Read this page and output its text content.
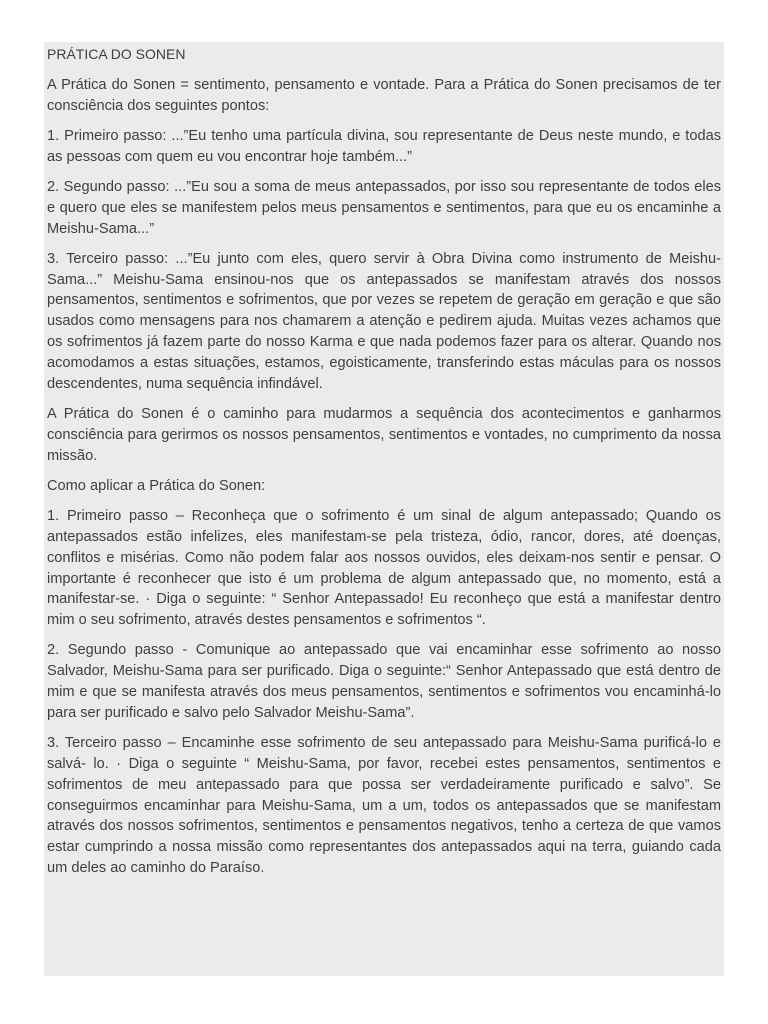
PRÁTICA DO SONEN

A Prática do Sonen = sentimento, pensamento e vontade. Para a Prática do Sonen precisamos de ter consciência dos seguintes pontos:

1. Primeiro passo: ...”Eu tenho uma partícula divina, sou representante de Deus neste mundo, e todas as pessoas com quem eu vou encontrar hoje também...”

2. Segundo passo: ...”Eu sou a soma de meus antepassados, por isso sou representante de todos eles e quero que eles se manifestem pelos meus pensamentos e sentimentos, para que eu os encaminhe a Meishu-Sama...”

3. Terceiro passo: ...”Eu junto com eles, quero servir à Obra Divina como instrumento de Meishu-Sama...” Meishu-Sama ensinou-nos que os antepassados se manifestam através dos nossos pensamentos, sentimentos e sofrimentos, que por vezes se repetem de geração em geração e que são usados como mensagens para nos chamarem a atenção e pedirem ajuda. Muitas vezes achamos que os sofrimentos já fazem parte do nosso Karma e que nada podemos fazer para os alterar. Quando nos acomodamos a estas situações, estamos, egoisticamente, transferindo estas máculas para os nossos descendentes, numa sequência infindável.

A Prática do Sonen é o caminho para mudarmos a sequência dos acontecimentos e ganharmos consciência para gerirmos os nossos pensamentos, sentimentos e vontades, no cumprimento da nossa missão.

Como aplicar a Prática do Sonen:

1. Primeiro passo – Reconheça que o sofrimento é um sinal de algum antepassado; Quando os antepassados estão infelizes, eles manifestam-se pela tristeza, ódio, rancor, dores, até doenças, conflitos e misérias. Como não podem falar aos nossos ouvidos, eles deixam-nos sentir e pensar. O importante é reconhecer que isto é um problema de algum antepassado que, no momento, está a manifestar-se. · Diga o seguinte: “ Senhor Antepassado! Eu reconheço que está a manifestar dentro mim o seu sofrimento, através destes pensamentos e sofrimentos “.

2. Segundo passo - Comunique ao antepassado que vai encaminhar esse sofrimento ao nosso Salvador, Meishu-Sama para ser purificado. Diga o seguinte:“ Senhor Antepassado que está dentro de mim e que se manifesta através dos meus pensamentos, sentimentos e sofrimentos vou encaminhá-lo para ser purificado e salvo pelo Salvador Meishu-Sama”.

3. Terceiro passo – Encaminhe esse sofrimento de seu antepassado para Meishu-Sama purificá-lo e salvá- lo. · Diga o seguinte “ Meishu-Sama, por favor, recebei estes pensamentos, sentimentos e sofrimentos de meu antepassado para que possa ser verdadeiramente purificado e salvo”. Se conseguirmos encaminhar para Meishu-Sama, um a um, todos os antepassados que se manifestam através dos nossos sofrimentos, sentimentos e pensamentos negativos, tenho a certeza de que vamos estar cumprindo a nossa missão como representantes dos antepassados aqui na terra, guiando cada um deles ao caminho do Paraíso.
